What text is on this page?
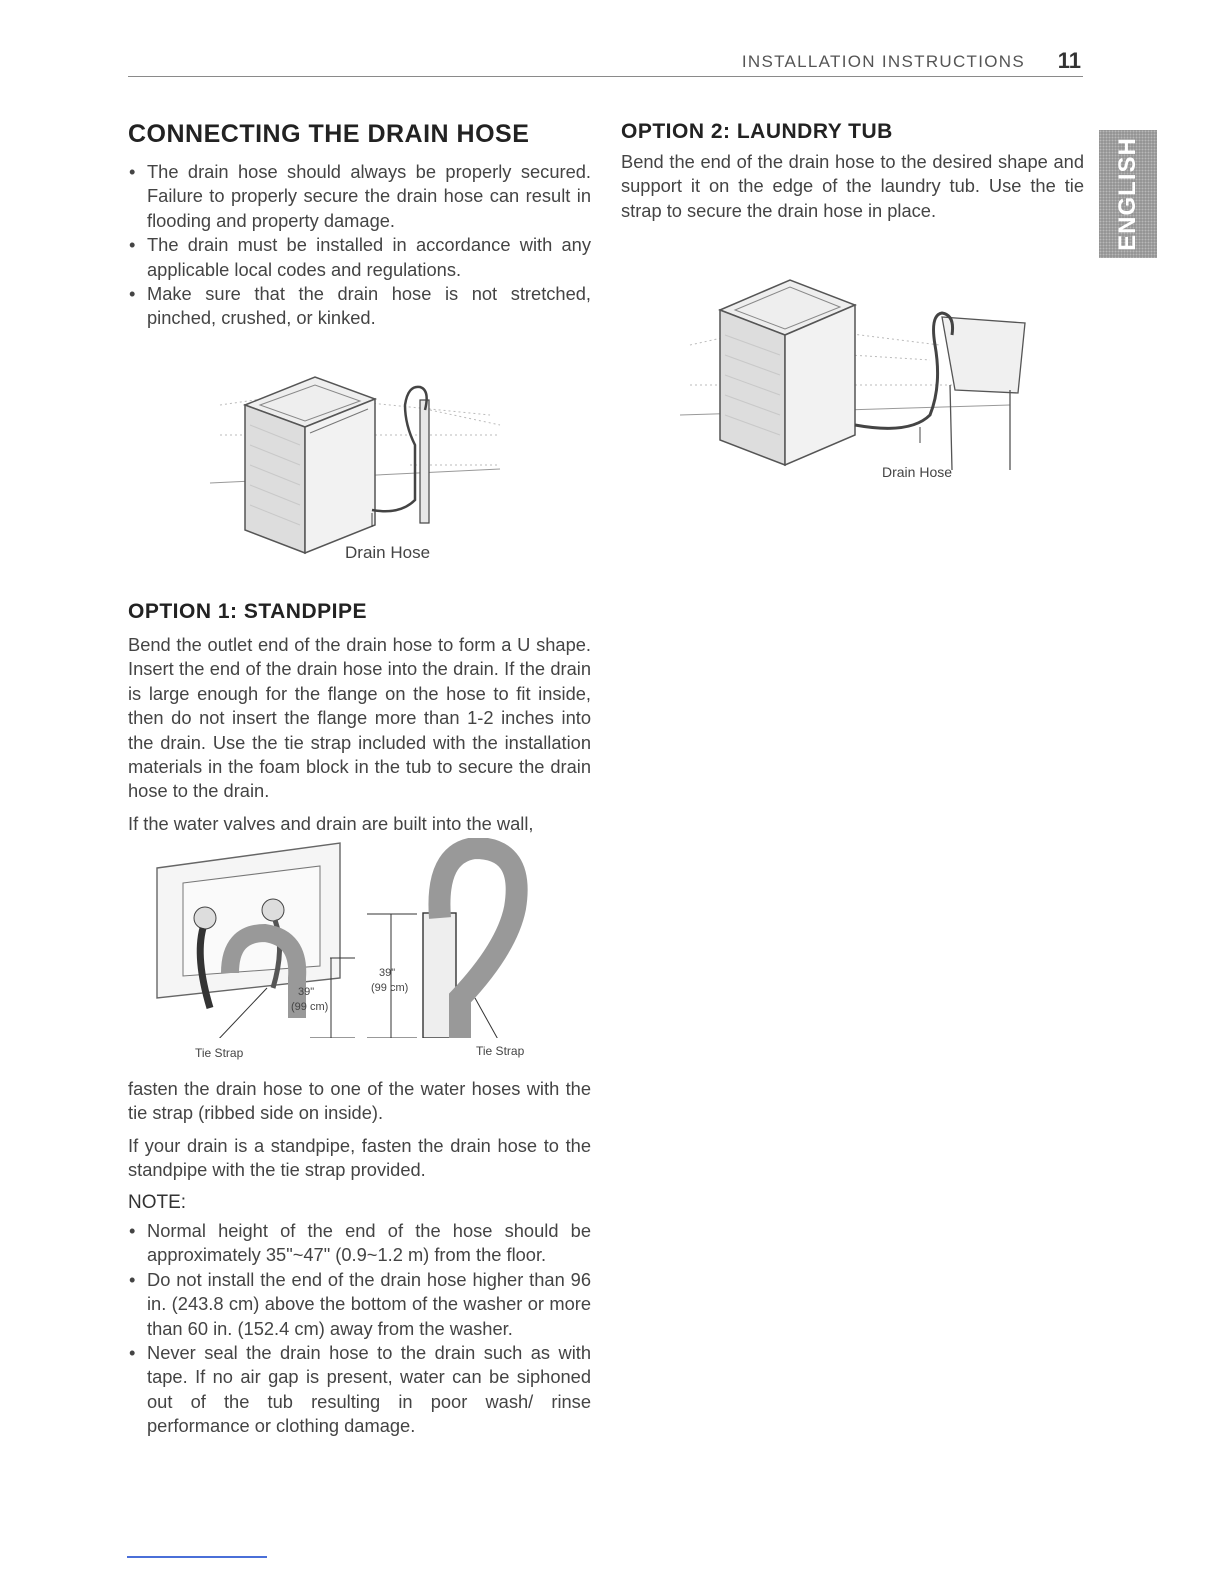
INSTALLATION INSTRUCTIONS 11
ENGLISH
CONNECTING THE DRAIN HOSE
• The drain hose should always be properly secured. Failure to properly secure the drain hose can result in flooding and property damage.
• The drain must be installed in accordance with any applicable local codes and regulations.
• Make sure that the drain hose is not stretched, pinched, crushed, or kinked.
Drain Hose
OPTION 1: STANDPIPE

Bend the outlet end of the drain hose to form a U shape. Insert the end of the drain hose into the drain. If the drain is large enough for the flange on the hose to fit inside, then do not insert the flange more than 1-2 inches into the drain. Use the tie strap included with the installation materials in the foam block in the tub to secure the drain hose to the drain.

If the water valves and drain are built into the wall,

39"
(99 cm)
39"
(99 cm)
Tie Strap	Tie Strap

fasten the drain hose to one of the water hoses with the tie strap (ribbed side on inside).

If your drain is a standpipe, fasten the drain hose to the standpipe with the tie strap provided.

NOTE:
• Normal height of the end of the hose should be approximately 35"~47" (0.9~1.2 m) from the floor.
• Do not install the end of the drain hose higher than 96 in. (243.8 cm) above the bottom of the washer or more than 60 in. (152.4 cm) away from the washer.
• Never seal the drain hose to the drain such as with tape. If no air gap is present, water can be siphoned out of the tub resulting in poor wash/ rinse performance or clothing damage.
OPTION 2: LAUNDRY TUB

Bend the end of the drain hose to the desired shape and support it on the edge of the laundry tub. Use the tie strap to secure the drain hose in place.

Drain Hose
